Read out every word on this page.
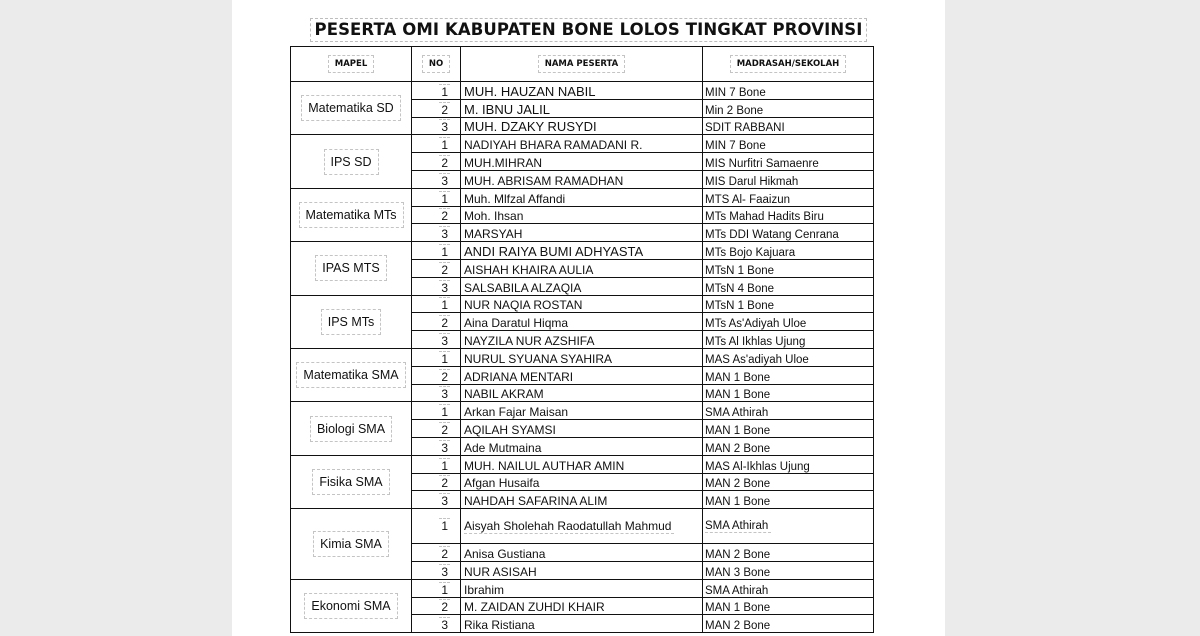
PESERTA OMI KABUPATEN BONE LOLOS TINGKAT PROVINSI
MAPEL	NO	NAMA PESERTA	MADRASAH/SEKOLAH
Matematika SD	1	MUH. HAUZAN NABIL	MIN 7 Bone
	2	M. IBNU JALIL	Min 2 Bone
	3	MUH. DZAKY RUSYDI	SDIT RABBANI
IPS SD	1	NADIYAH BHARA RAMADANI R.	MIN 7 Bone
	2	MUH.MIHRAN	MIS Nurfitri Samaenre
	3	MUH. ABRISAM RAMADHAN	MIS Darul Hikmah
Matematika MTs	1	Muh. Mlfzal Affandi	MTS Al- Faaizun
	2	Moh. Ihsan	MTs Mahad Hadits Biru
	3	MARSYAH	MTs DDI Watang Cenrana
IPAS MTS	1	ANDI RAIYA BUMI ADHYASTA	MTs Bojo Kajuara
	2	AISHAH KHAIRA AULIA	MTsN 1 Bone
	3	SALSABILA ALZAQIA	MTsN 4 Bone
IPS MTs	1	NUR NAQIA ROSTAN	MTsN 1 Bone
	2	Aina Daratul Hiqma	MTs As'Adiyah Uloe
	3	NAYZILA NUR AZSHIFA	MTs Al Ikhlas Ujung
Matematika SMA	1	NURUL SYUANA SYAHIRA	MAS As'adiyah Uloe
	2	ADRIANA MENTARI	MAN 1 Bone
	3	NABIL AKRAM	MAN 1 Bone
Biologi SMA	1	Arkan Fajar Maisan	SMA Athirah
	2	AQILAH SYAMSI	MAN 1 Bone
	3	Ade Mutmaina	MAN 2 Bone
Fisika SMA	1	MUH. NAILUL AUTHAR AMIN	MAS Al-Ikhlas Ujung
	2	Afgan Husaifa	MAN 2 Bone
	3	NAHDAH SAFARINA ALIM	MAN 1 Bone
Kimia SMA	1	Aisyah Sholehah Raodatullah Mahmud	SMA Athirah
	2	Anisa Gustiana	MAN 2 Bone
	3	NUR ASISAH	MAN 3 Bone
Ekonomi SMA	1	Ibrahim	SMA Athirah
	2	M. ZAIDAN ZUHDI KHAIR	MAN 1 Bone
	3	Rika Ristiana	MAN 2 Bone
